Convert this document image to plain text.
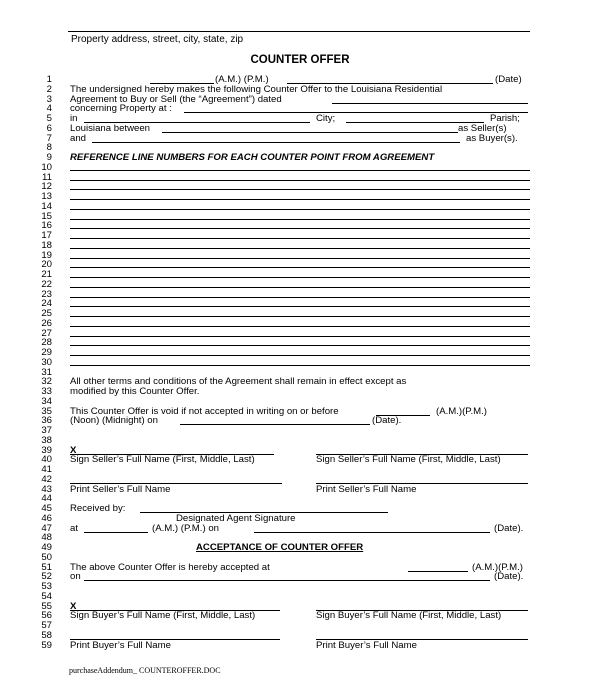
Property address, street, city, state, zip
COUNTER OFFER
1	(A.M.) (P.M.)	(Date)
2 The undersigned hereby makes the following Counter Offer to the Louisiana Residential
3 Agreement to Buy or Sell (the “Agreement”) dated
4 concerning Property at :
5 in	City;	Parish;
6 Louisiana between	as Seller(s)
7 and	as Buyer(s).
8
9 REFERENCE LINE NUMBERS FOR EACH COUNTER POINT FROM AGREEMENT
10
11
12
13
14
15
16
17
18
19
20
21
22
23
24
25
26
27
28
29
30
31
32 All other terms and conditions of the Agreement shall remain in effect except as
33 modified by this Counter Offer.
34
35 This Counter Offer is void if not accepted in writing on or before	(A.M.)(P.M.)
36 (Noon) (Midnight) on	(Date).
37
38
39 X
40 Sign Seller’s Full Name (First, Middle, Last)	Sign Seller’s Full Name (First, Middle, Last)
41
42
43 Print Seller’s Full Name	Print Seller’s Full Name
44
45 Received by:
46	Designated Agent Signature
47 at	(A.M.) (P.M.) on	(Date).
48
49	ACCEPTANCE OF COUNTER OFFER
50
51 The above Counter Offer is hereby accepted at	(A.M.)(P.M.)
52 on	(Date).
53
54
55 X
56 Sign Buyer’s Full Name (First, Middle, Last)	Sign Buyer’s Full Name (First, Middle, Last)
57
58
59 Print Buyer’s Full Name	Print Buyer’s Full Name
purchaseAddendum_ COUNTEROFFER.DOC
